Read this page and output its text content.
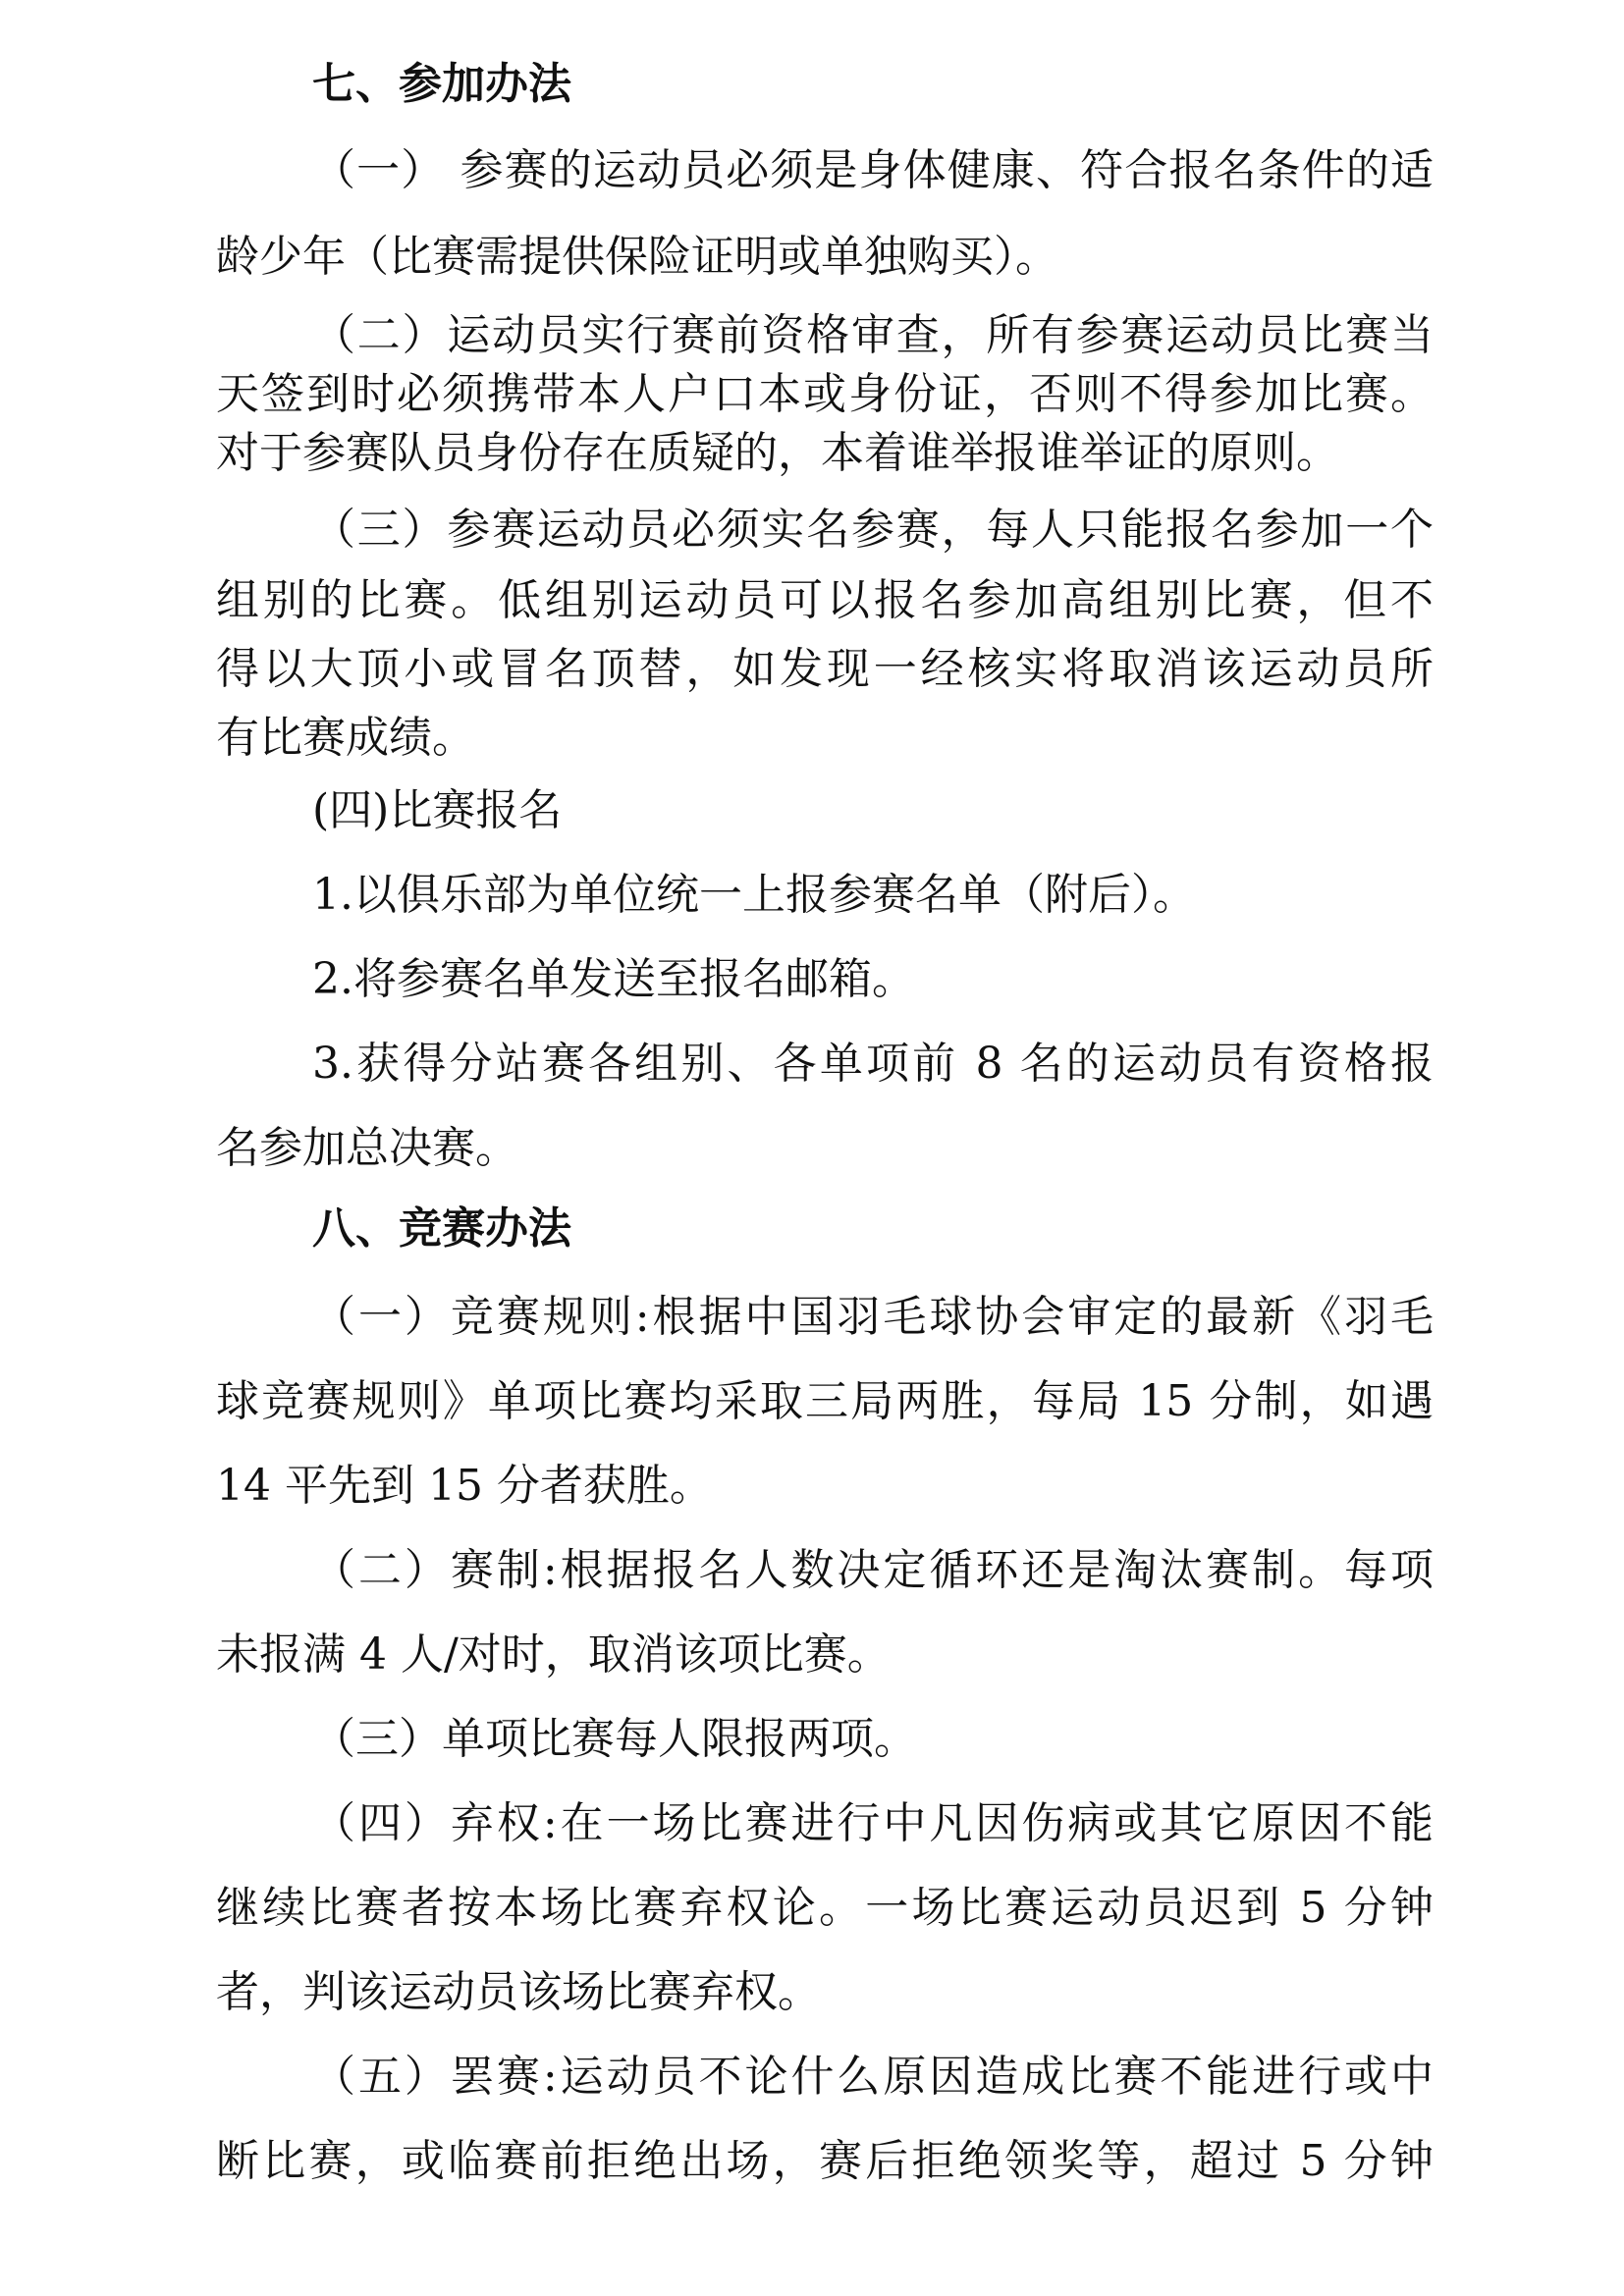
七、参加办法
（一） 参赛的运动员必须是身体健康、符合报名条件的适
龄少年（比赛需提供保险证明或单独购买）。
（二）运动员实行赛前资格审查，所有参赛运动员比赛当
天签到时必须携带本人户口本或身份证，否则不得参加比赛。
对于参赛队员身份存在质疑的，本着谁举报谁举证的原则。
（三）参赛运动员必须实名参赛，每人只能报名参加一个
组别的比赛。低组别运动员可以报名参加高组别比赛，但不
得以大顶小或冒名顶替，如发现一经核实将取消该运动员所
有比赛成绩。
(四)比赛报名
1.以俱乐部为单位统一上报参赛名单（附后）。
2.将参赛名单发送至报名邮箱。
3.获得分站赛各组别、各单项前 8 名的运动员有资格报
名参加总决赛。
八、竞赛办法
（一）竞赛规则:根据中国羽毛球协会审定的最新《羽毛
球竞赛规则》单项比赛均采取三局两胜，每局 15 分制，如遇
14 平先到 15 分者获胜。
（二）赛制:根据报名人数决定循环还是淘汰赛制。每项
未报满 4 人/对时，取消该项比赛。
（三）单项比赛每人限报两项。
（四）弃权:在一场比赛进行中凡因伤病或其它原因不能
继续比赛者按本场比赛弃权论。一场比赛运动员迟到 5 分钟
者，判该运动员该场比赛弃权。
（五）罢赛:运动员不论什么原因造成比赛不能进行或中
断比赛，或临赛前拒绝出场，赛后拒绝领奖等，超过 5 分钟
